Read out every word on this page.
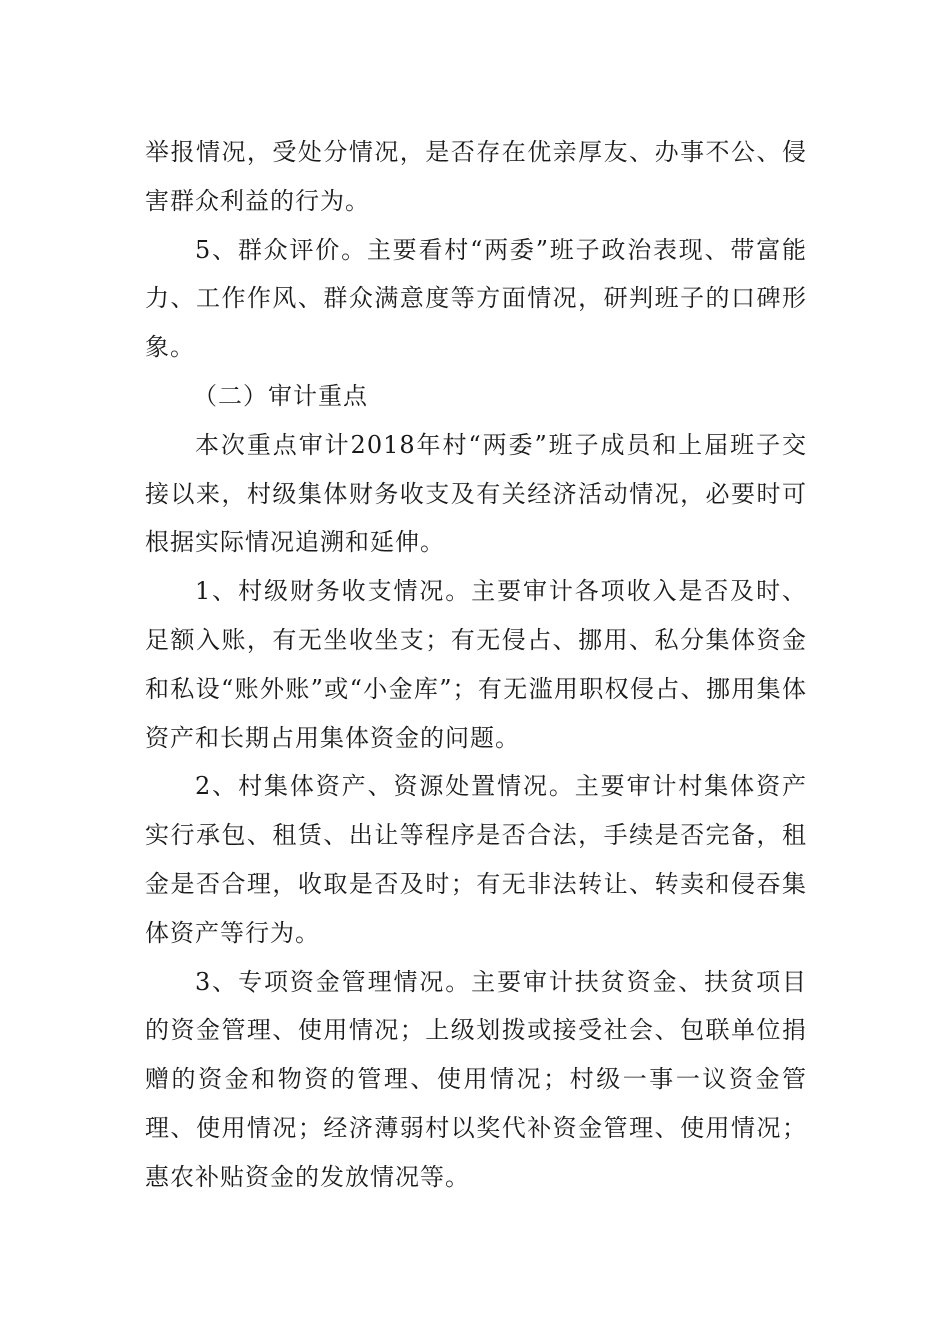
举报情况，受处分情况，是否存在优亲厚友、办事不公、侵害群众利益的行为。

5、群众评价。主要看村“两委”班子政治表现、带富能力、工作作风、群众满意度等方面情况，研判班子的口碑形象。

（二）审计重点

本次重点审计2018年村“两委”班子成员和上届班子交接以来，村级集体财务收支及有关经济活动情况，必要时可根据实际情况追溯和延伸。

1、村级财务收支情况。主要审计各项收入是否及时、足额入账，有无坐收坐支；有无侵占、挪用、私分集体资金和私设“账外账”或“小金库”；有无滥用职权侵占、挪用集体资产和长期占用集体资金的问题。

2、村集体资产、资源处置情况。主要审计村集体资产实行承包、租赁、出让等程序是否合法，手续是否完备，租金是否合理，收取是否及时；有无非法转让、转卖和侵吞集体资产等行为。

3、专项资金管理情况。主要审计扶贫资金、扶贫项目的资金管理、使用情况；上级划拨或接受社会、包联单位捐赠的资金和物资的管理、使用情况；村级一事一议资金管理、使用情况；经济薄弱村以奖代补资金管理、使用情况；惠农补贴资金的发放情况等。
